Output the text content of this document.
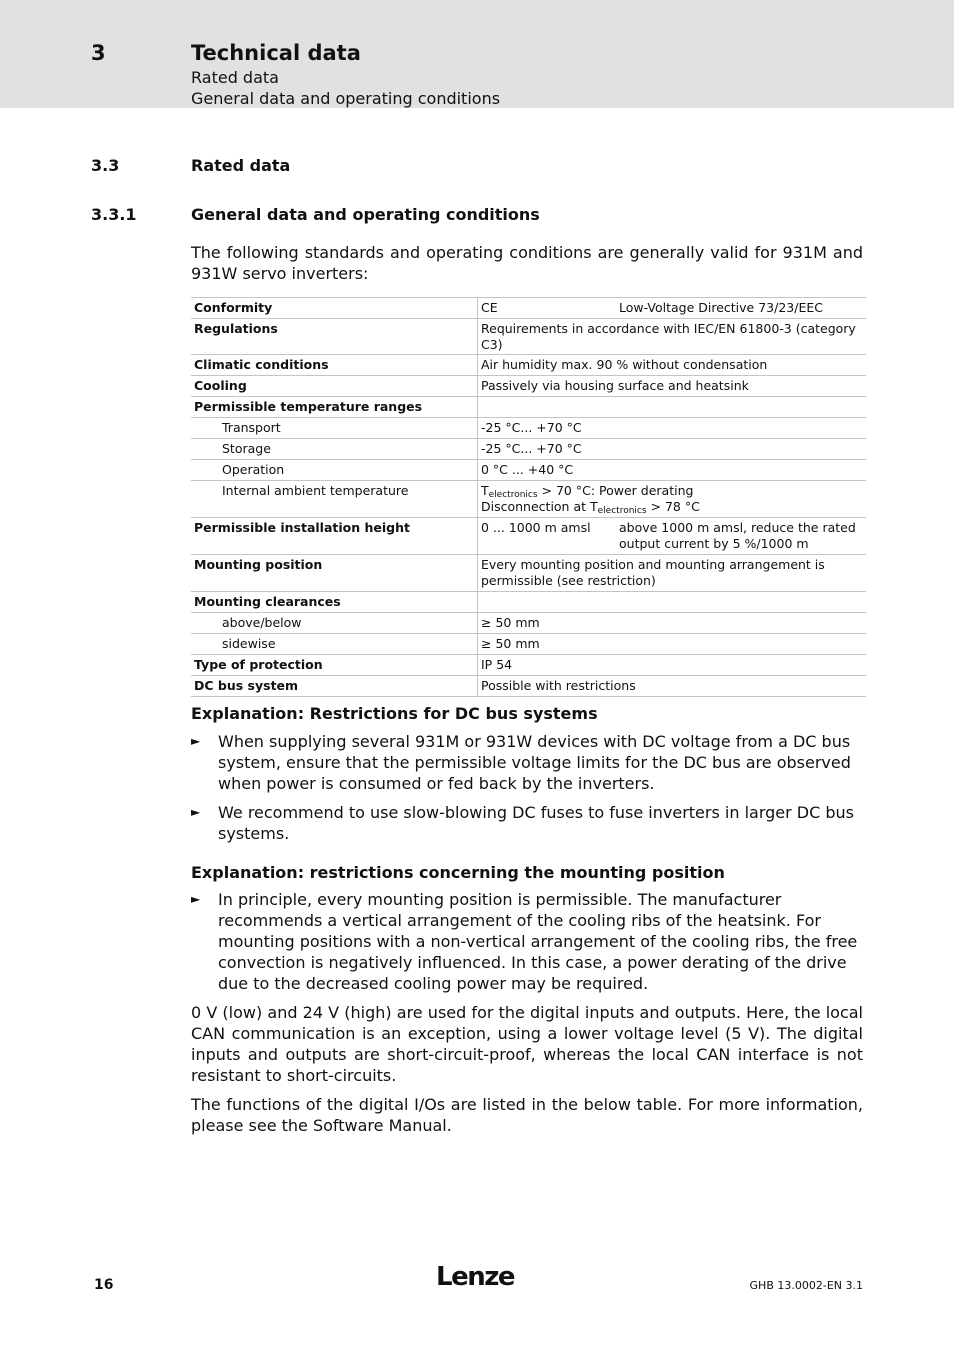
3	Technical data
Rated data
General data and operating conditions
3.3	Rated data
3.3.1	General data and operating conditions

The following standards and operating conditions are generally valid for 931M and 931W servo inverters:

Conformity	CE Low-Voltage Directive 73/23/EEC

Regulations	Requirements in accordance with IEC/EN 61800-3 (category C3)
Climatic conditions	Air humidity max. 90 % without condensation
Cooling	Passively via housing surface and heatsink
Permissible temperature ranges	
Transport	-25 °C... +70 °C
Storage	-25 °C... +70 °C
Operation	0 °C ... +40 °C
Internal ambient temperature	$T_{electronics} > 70$ °C: Power derating
Disconnection at $T_{electronics} > 78$ °C

Permissible installation height	0 ... 1000 m amsl above 1000 m amsl, reduce the rated output current by 5 %/1000 m

Mounting position	Every mounting position and mounting arrangement is permissible (see restriction)
Mounting clearances	
above/below	≥ 50 mm
sidewise	≥ 50 mm
Type of protection	IP 54
DC bus system	Possible with restrictions
Explanation: Restrictions for DC bus systems
► When supplying several 931M or 931W devices with DC voltage from a DC bus system, ensure that the permissible voltage limits for the DC bus are observed when power is consumed or fed back by the inverters.
► We recommend to use slow-blowing DC fuses to fuse inverters in larger DC bus systems.
Explanation: restrictions concerning the mounting position
► In principle, every mounting position is permissible. The manufacturer recommends a vertical arrangement of the cooling ribs of the heatsink. For mounting positions with a non-vertical arrangement of the cooling ribs, the free convection is negatively influenced. In this case, a power derating of the drive due to the decreased cooling power may be required.

0 V (low) and 24 V (high) are used for the digital inputs and outputs. Here, the local CAN communication is an exception, using a lower voltage level (5 V). The digital inputs and outputs are short-circuit-proof, whereas the local CAN interface is not resistant to short-circuits.

The functions of the digital I/Os are listed in the below table. For more information, please see the Software Manual.

16	Lenze	GHB 13.0002-EN 3.1
